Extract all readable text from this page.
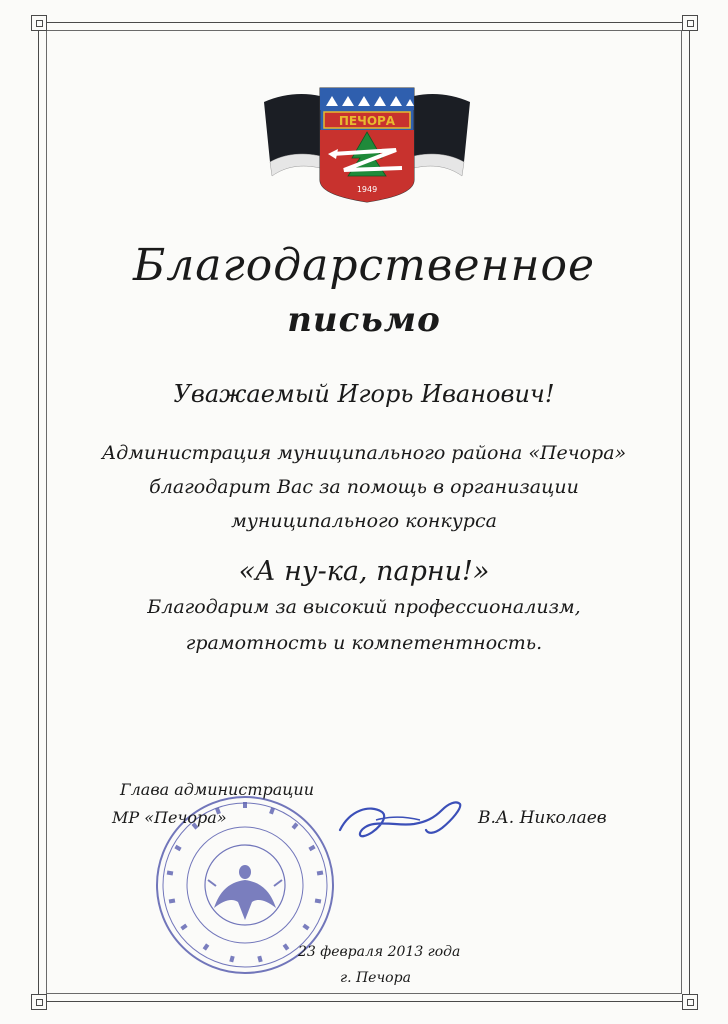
ПЕЧОРА
1949
Благодарственное
письмо
Уважаемый Игорь Иванович!
Администрация муниципального района «Печора»
благодарит Вас за помощь в организации
муниципального конкурса
«А ну-ка, парни!»
Благодарим за высокий профессионализм,
грамотность и компетентность.
Глава администрации
МР «Печора»	В.А. Николаев
23 февраля 2013 года
г. Печора
